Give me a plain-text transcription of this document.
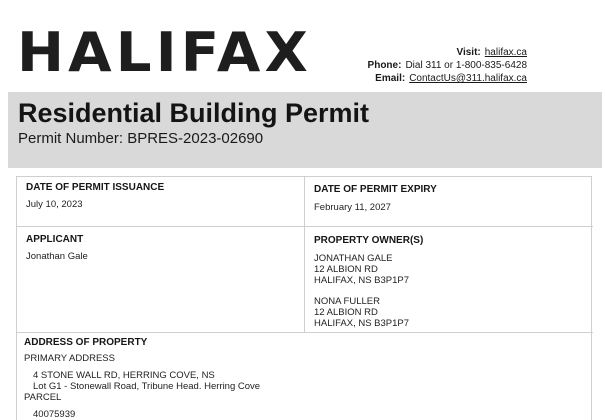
HALIFAX	Visit: halifax.ca
Phone: Dial 311 or 1-800-835-6428
Email: ContactUs@311.halifax.ca
Residential Building Permit
Permit Number: BPRES-2023-02690
DATE OF PERMIT ISSUANCE
July 10, 2023
DATE OF PERMIT EXPIRY
February 11, 2027
APPLICANT
Jonathan Gale
PROPERTY OWNER(S)
JONATHAN GALE
12 ALBION RD
HALIFAX, NS B3P1P7
NONA FULLER
12 ALBION RD
HALIFAX, NS B3P1P7
ADDRESS OF PROPERTY
PRIMARY ADDRESS
4 STONE WALL RD, HERRING COVE, NS
Lot G1 - Stonewall Road, Tribune Head. Herring Cove
PARCEL
40075939
